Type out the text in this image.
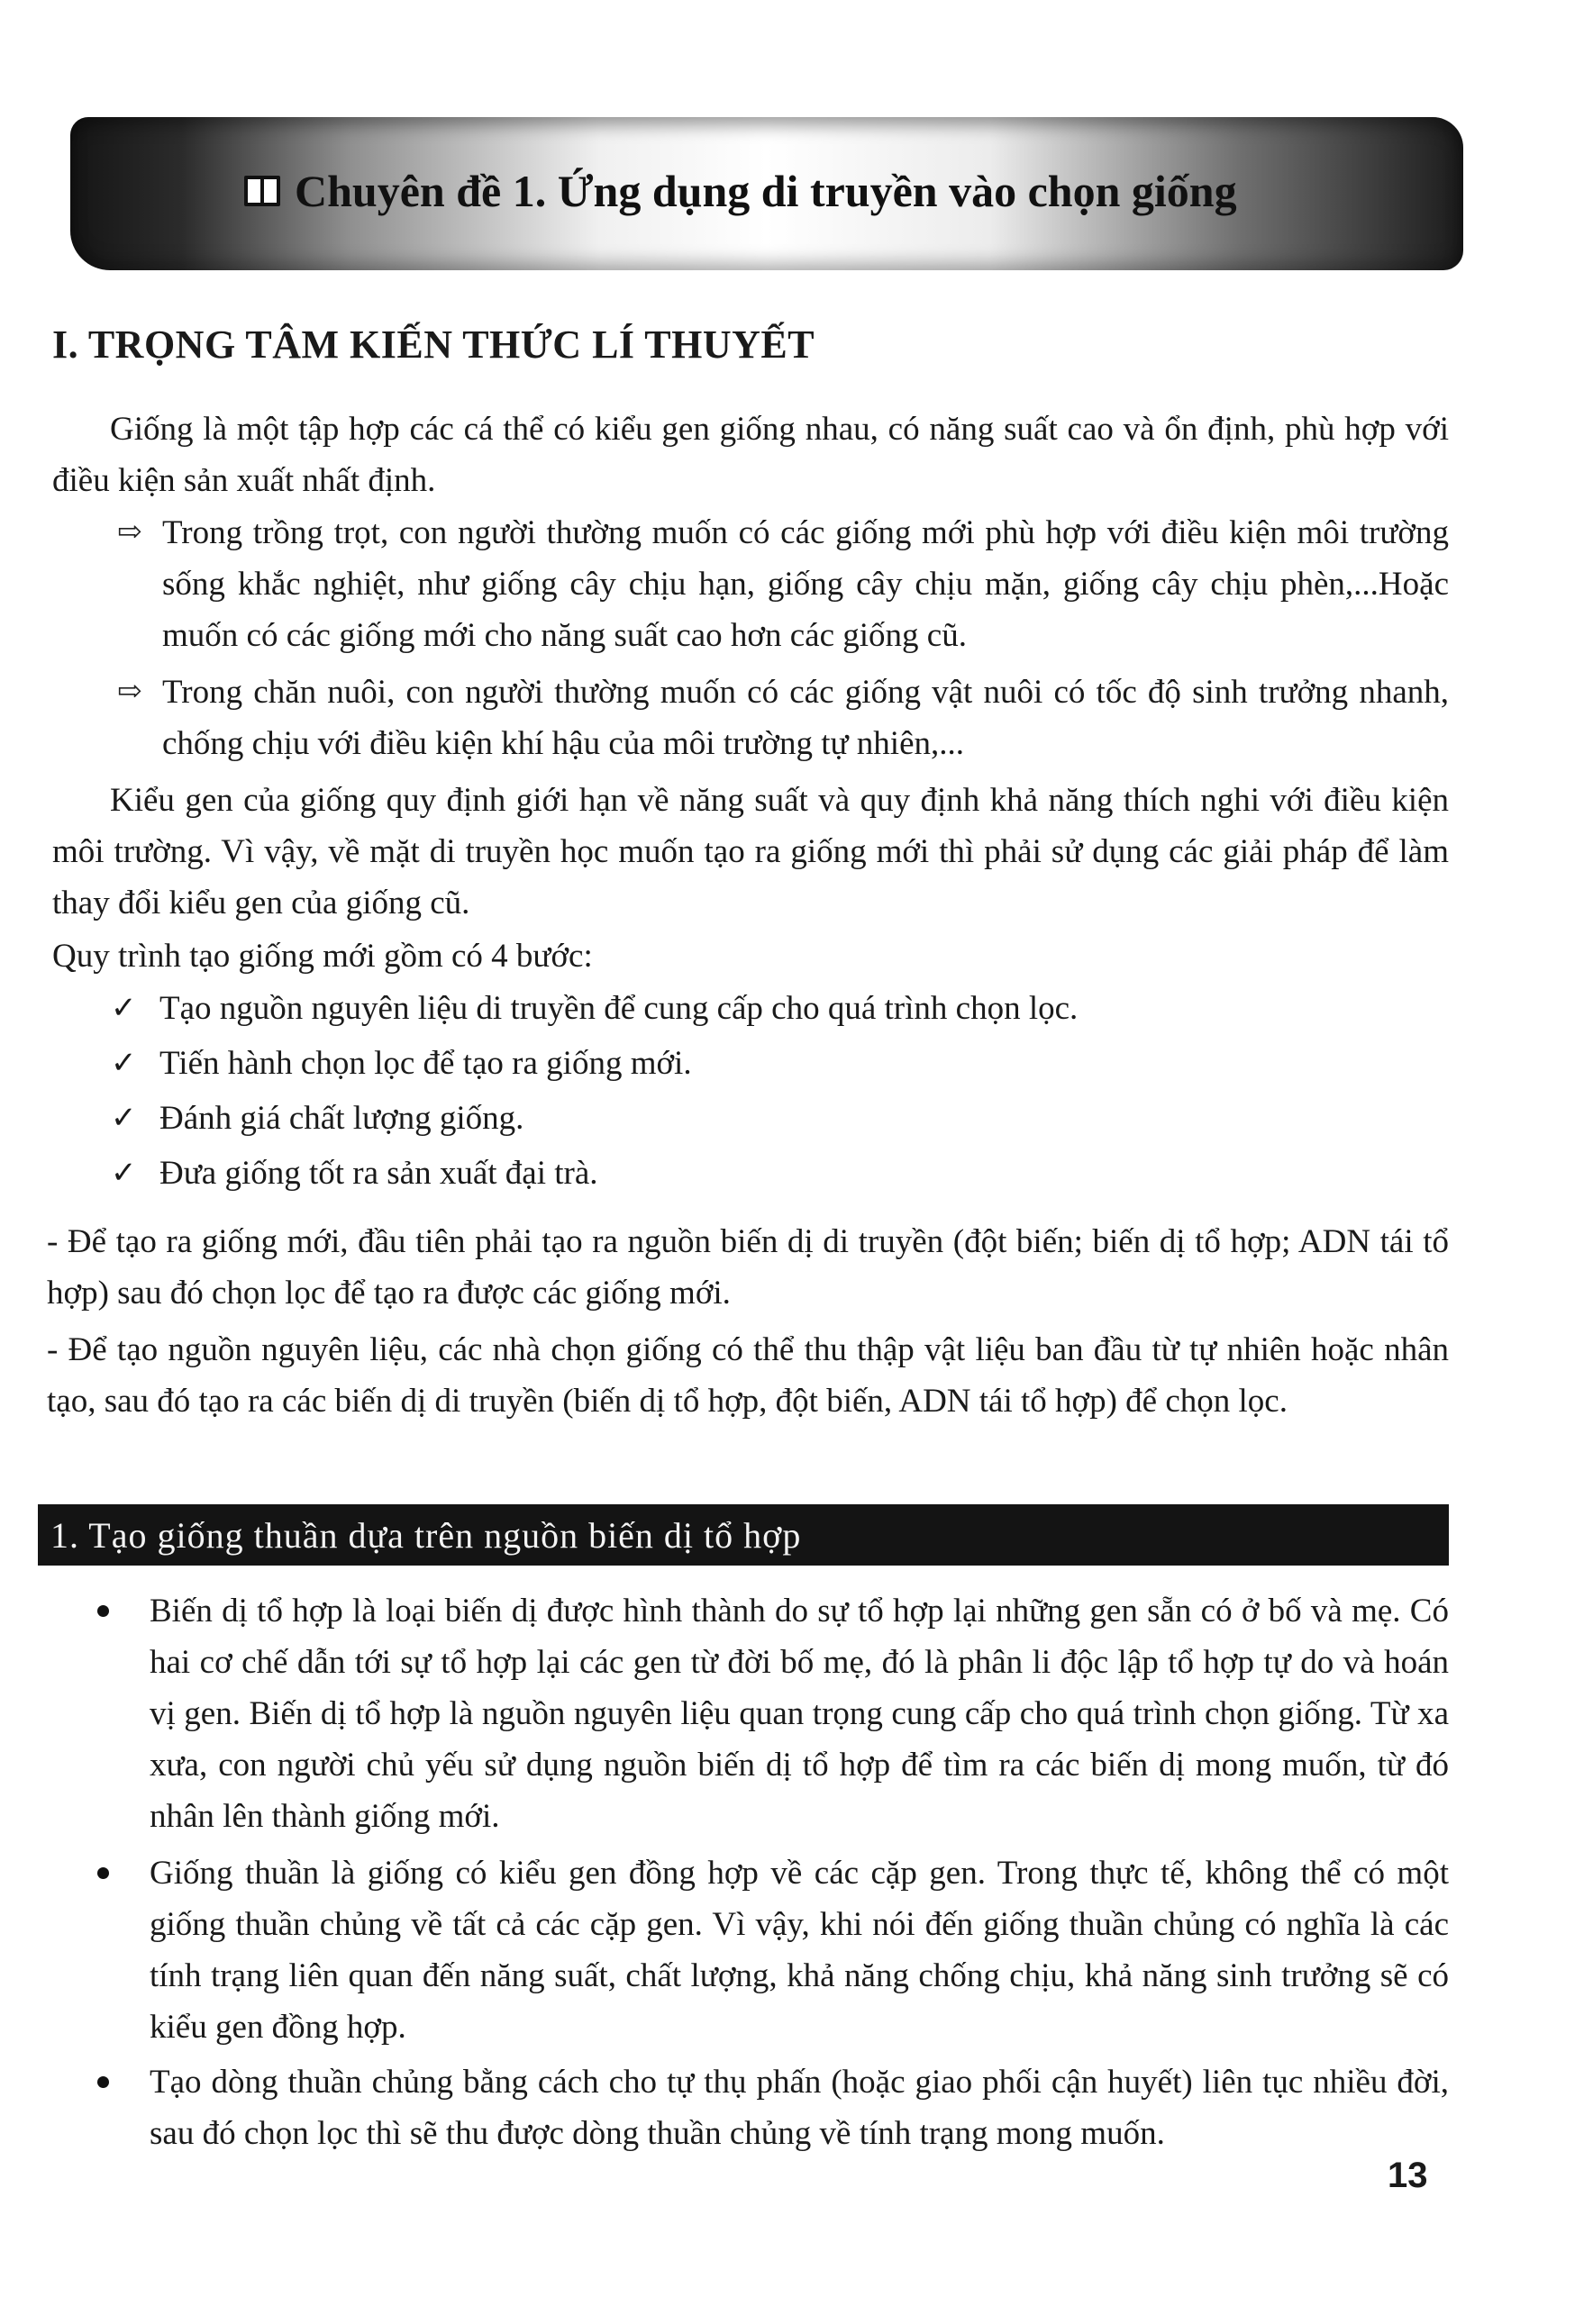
Chuyên đề 1. Ứng dụng di truyền vào chọn giống
I. TRỌNG TÂM KIẾN THỨC LÍ THUYẾT

Giống là một tập hợp các cá thể có kiểu gen giống nhau, có năng suất cao và ổn định, phù hợp với điều kiện sản xuất nhất định.

⇨ Trong trồng trọt, con người thường muốn có các giống mới phù hợp với điều kiện môi trường sống khắc nghiệt, như giống cây chịu hạn, giống cây chịu mặn, giống cây chịu phèn,...Hoặc muốn có các giống mới cho năng suất cao hơn các giống cũ.
⇨ Trong chăn nuôi, con người thường muốn có các giống vật nuôi có tốc độ sinh trưởng nhanh, chống chịu với điều kiện khí hậu của môi trường tự nhiên,...

Kiểu gen của giống quy định giới hạn về năng suất và quy định khả năng thích nghi với điều kiện môi trường. Vì vậy, về mặt di truyền học muốn tạo ra giống mới thì phải sử dụng các giải pháp để làm thay đổi kiểu gen của giống cũ.

Quy trình tạo giống mới gồm có 4 bước:

✓ Tạo nguồn nguyên liệu di truyền để cung cấp cho quá trình chọn lọc.
✓ Tiến hành chọn lọc để tạo ra giống mới.
✓ Đánh giá chất lượng giống.
✓ Đưa giống tốt ra sản xuất đại trà.

- Để tạo ra giống mới, đầu tiên phải tạo ra nguồn biến dị di truyền (đột biến; biến dị tổ hợp; ADN tái tổ hợp) sau đó chọn lọc để tạo ra được các giống mới.

- Để tạo nguồn nguyên liệu, các nhà chọn giống có thể thu thập vật liệu ban đầu từ tự nhiên hoặc nhân tạo, sau đó tạo ra các biến dị di truyền (biến dị tổ hợp, đột biến, ADN tái tổ hợp) để chọn lọc.

1. Tạo giống thuần dựa trên nguồn biến dị tổ hợp
Biến dị tổ hợp là loại biến dị được hình thành do sự tổ hợp lại những gen sẵn có ở bố và mẹ. Có hai cơ chế dẫn tới sự tổ hợp lại các gen từ đời bố mẹ, đó là phân li độc lập tổ hợp tự do và hoán vị gen. Biến dị tổ hợp là nguồn nguyên liệu quan trọng cung cấp cho quá trình chọn giống. Từ xa xưa, con người chủ yếu sử dụng nguồn biến dị tổ hợp để tìm ra các biến dị mong muốn, từ đó nhân lên thành giống mới.
Giống thuần là giống có kiểu gen đồng hợp về các cặp gen. Trong thực tế, không thể có một giống thuần chủng về tất cả các cặp gen. Vì vậy, khi nói đến giống thuần chủng có nghĩa là các tính trạng liên quan đến năng suất, chất lượng, khả năng chống chịu, khả năng sinh trưởng sẽ có kiểu gen đồng hợp.
Tạo dòng thuần chủng bằng cách cho tự thụ phấn (hoặc giao phối cận huyết) liên tục nhiều đời, sau đó chọn lọc thì sẽ thu được dòng thuần chủng về tính trạng mong muốn.
13
